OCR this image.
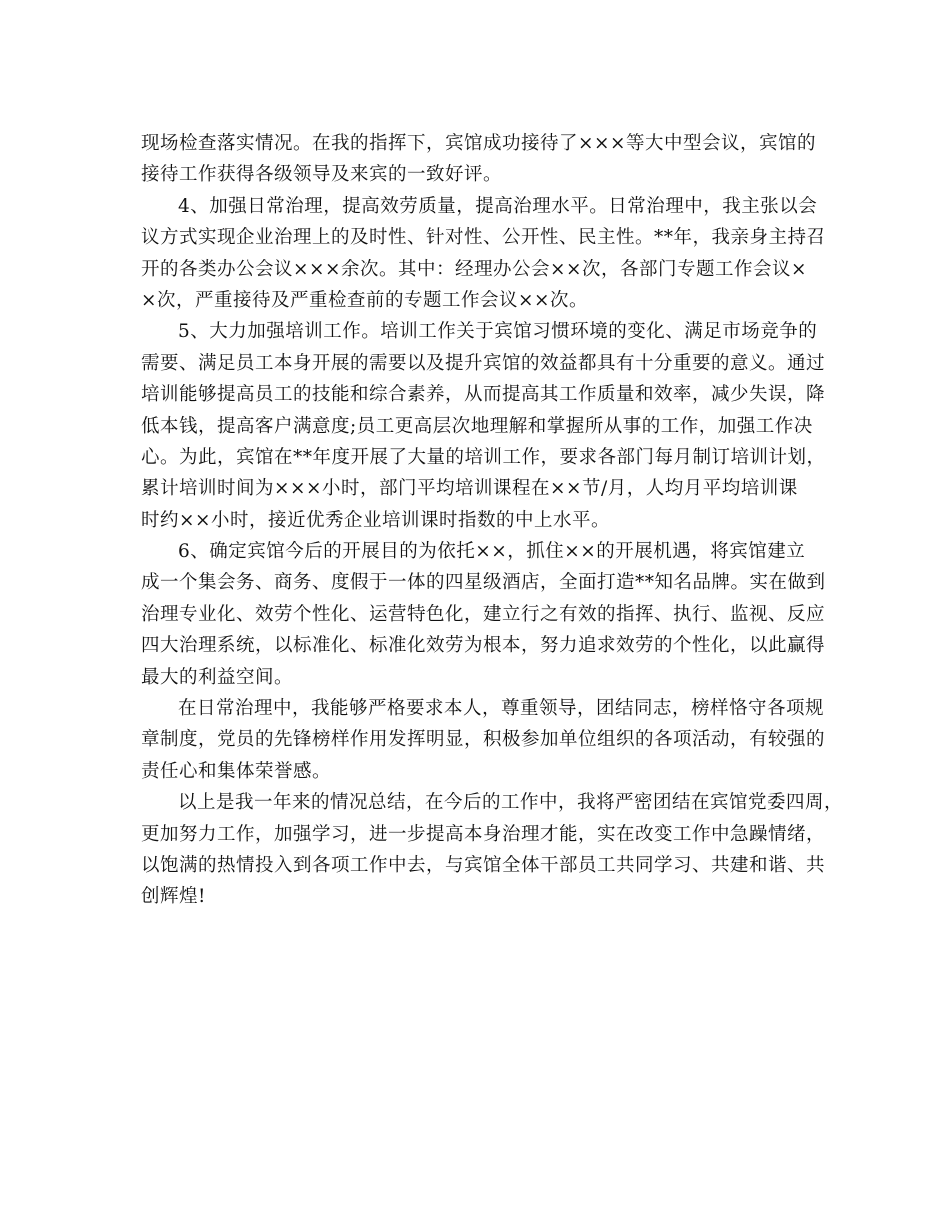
现场检查落实情况。在我的指挥下，宾馆成功接待了×××等大中型会议，宾馆的
接待工作获得各级领导及来宾的一致好评。

4、加强日常治理，提高效劳质量，提高治理水平。日常治理中，我主张以会
议方式实现企业治理上的及时性、针对性、公开性、民主性。**年，我亲身主持召
开的各类办公会议×××余次。其中：经理办公会××次，各部门专题工作会议×
×次，严重接待及严重检查前的专题工作会议××次。

5、大力加强培训工作。培训工作关于宾馆习惯环境的变化、满足市场竞争的
需要、满足员工本身开展的需要以及提升宾馆的效益都具有十分重要的意义。通过
培训能够提高员工的技能和综合素养，从而提高其工作质量和效率，减少失误，降
低本钱，提高客户满意度;员工更高层次地理解和掌握所从事的工作，加强工作决
心。为此，宾馆在**年度开展了大量的培训工作，要求各部门每月制订培训计划，
累计培训时间为×××小时，部门平均培训课程在××节/月，人均月平均培训课
时约××小时，接近优秀企业培训课时指数的中上水平。

6、确定宾馆今后的开展目的为依托××，抓住××的开展机遇，将宾馆建立
成一个集会务、商务、度假于一体的四星级酒店，全面打造**知名品牌。实在做到
治理专业化、效劳个性化、运营特色化，建立行之有效的指挥、执行、监视、反应
四大治理系统，以标准化、标准化效劳为根本，努力追求效劳的个性化，以此赢得
最大的利益空间。

在日常治理中，我能够严格要求本人，尊重领导，团结同志，榜样恪守各项规
章制度，党员的先锋榜样作用发挥明显，积极参加单位组织的各项活动，有较强的
责任心和集体荣誉感。

以上是我一年来的情况总结，在今后的工作中，我将严密团结在宾馆党委四周，
更加努力工作，加强学习，进一步提高本身治理才能，实在改变工作中急躁情绪，
以饱满的热情投入到各项工作中去，与宾馆全体干部员工共同学习、共建和谐、共
创辉煌!
